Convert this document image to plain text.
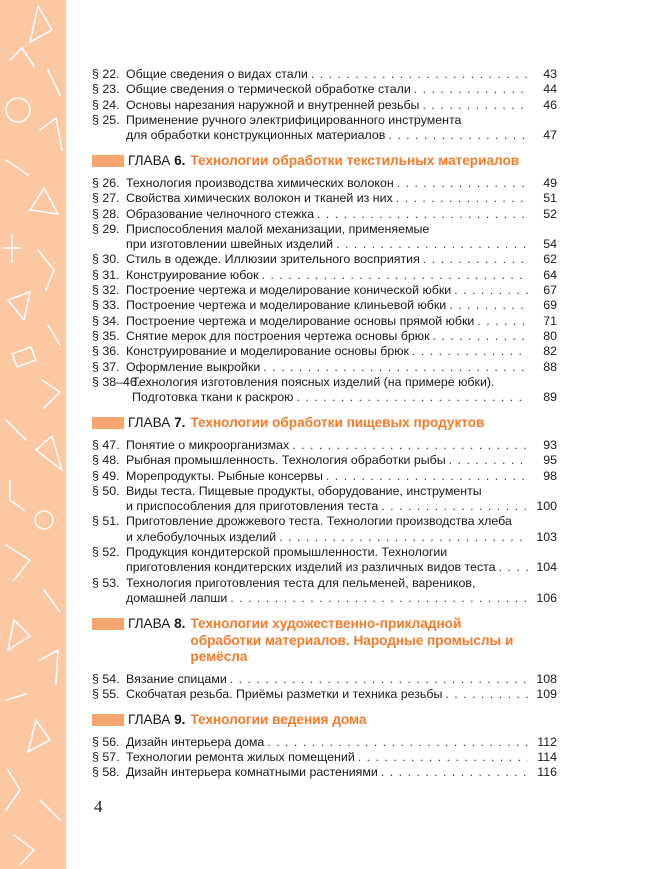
§ 22. Общие сведения о видах стали . . .	43
§ 23. Общие сведения о термической обработке стали . . .	44
§ 24. Основы нарезания наружной и внутренней резьбы . . .	46
§ 25. Применение ручного электрифицированного инструмента
для обработки конструкционных материалов . . .	47
ГЛАВА 6. Технологии обработки текстильных материалов
§ 26. Технология производства химических волокон . . .	49
§ 27. Свойства химических волокон и тканей из них . . .	51
§ 28. Образование челночного стежка . . .	52
§ 29. Приспособления малой механизации, применяемые
при изготовлении швейных изделий . . .	54
§ 30. Стиль в одежде. Иллюзии зрительного восприятия . . .	62
§ 31. Конструирование юбок . . .	64
§ 32. Построение чертежа и моделирование конической юбки . . .	67
§ 33. Построение чертежа и моделирование клиньевой юбки . . .	69
§ 34. Построение чертежа и моделирование основы прямой юбки . . .	71
§ 35. Снятие мерок для построения чертежа основы брюк . . .	80
§ 36. Конструирование и моделирование основы брюк . . .	82
§ 37. Оформление выкройки . . .	88
§ 38–46.
Технология изготовления поясных изделий (на примере юбки).
Подготовка ткани к раскрою . . .	89
ГЛАВА 7. Технологии обработки пищевых продуктов
§ 47. Понятие о микроорганизмах . . .	93
§ 48. Рыбная промышленность. Технология обработки рыбы . . .	95
§ 49. Морепродукты. Рыбные консервы . . .	98
§ 50. Виды теста. Пищевые продукты, оборудование, инструменты
и приспособления для приготовления теста . . .	100
§ 51. Приготовление дрожжевого теста. Технологии производства хлеба
и хлебобулочных изделий . . .	103
§ 52. Продукция кондитерской промышленности. Технологии
приготовления кондитерских изделий из различных видов теста . . .	104
§ 53. Технология приготовления теста для пельменей, вареников,
домашней лапши . . .	106
ГЛАВА 8. Технологии художественно-прикладной
обработки материалов. Народные промыслы и ремёсла
§ 54. Вязание спицами . . .	108
§ 55. Скобчатая резьба. Приёмы разметки и техника резьбы . . .	109
ГЛАВА 9. Технологии ведения дома
§ 56. Дизайн интерьера дома . . .	112
§ 57. Технологии ремонта жилых помещений . . .	114
§ 58. Дизайн интерьера комнатными растениями . . .	116
4
